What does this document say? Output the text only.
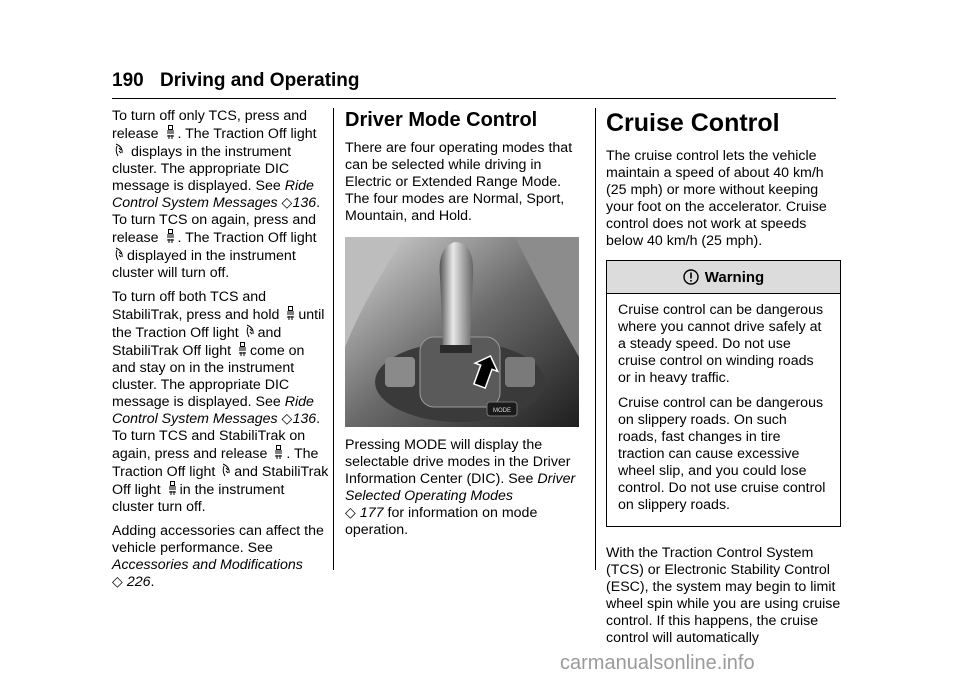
190 Driving and Operating

To turn off only TCS, press and release . The Traction Off light  displays in the instrument cluster. The appropriate DIC message is displayed. See Ride Control System Messages ◇136. To turn TCS on again, press and release . The Traction Off light displayed in the instrument cluster will turn off.

To turn off both TCS and StabiliTrak, press and hold until the Traction Off light and StabiliTrak Off light come on and stay on in the instrument cluster. The appropriate DIC message is displayed. See Ride Control System Messages ◇136. To turn TCS and StabiliTrak on again, press and release . The Traction Off light and StabiliTrak Off light in the instrument cluster turn off.

Adding accessories can affect the vehicle performance. See Accessories and Modifications
◇ 226.

Driver Mode Control

There are four operating modes that can be selected while driving in Electric or Extended Range Mode. The four modes are Normal, Sport, Mountain, and Hold.

MODE

Pressing MODE will display the selectable drive modes in the Driver Information Center (DIC). See Driver Selected Operating Modes
◇ 177 for information on mode operation.

Cruise Control

The cruise control lets the vehicle maintain a speed of about 40 km/h (25 mph) or more without keeping your foot on the accelerator. Cruise control does not work at speeds below 40 km/h (25 mph).

Warning

Cruise control can be dangerous where you cannot drive safely at a steady speed. Do not use cruise control on winding roads or in heavy traffic.

Cruise control can be dangerous on slippery roads. On such roads, fast changes in tire traction can cause excessive wheel slip, and you could lose control. Do not use cruise control on slippery roads.

With the Traction Control System (TCS) or Electronic Stability Control (ESC), the system may begin to limit wheel spin while you are using cruise control. If this happens, the cruise control will automatically

carmanualsonline.info
